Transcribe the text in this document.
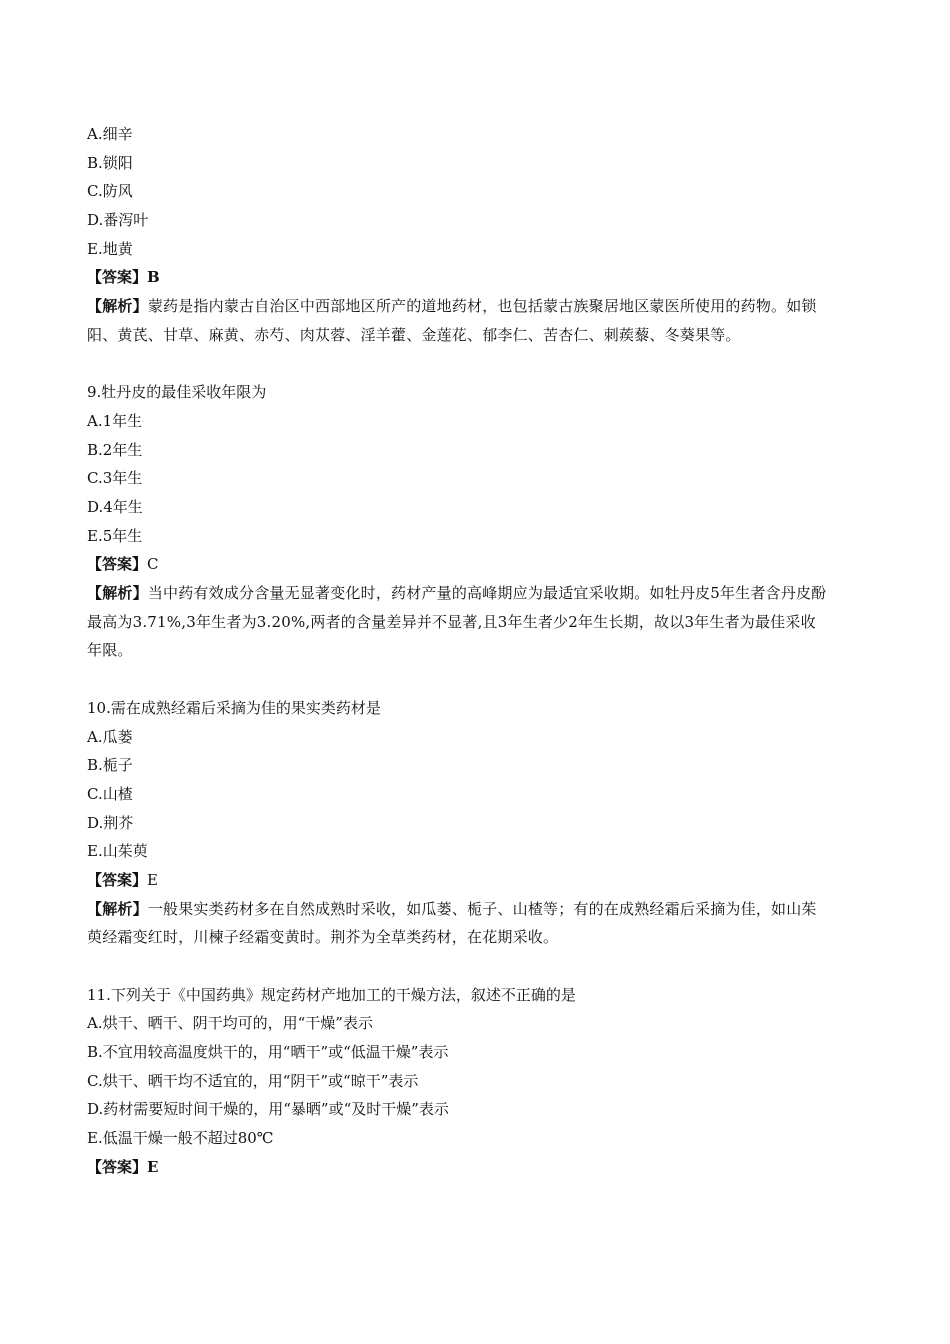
A.细辛

B.锁阳

C.防风

D.番泻叶

E.地黄

【答案】B

【解析】蒙药是指内蒙古自治区中西部地区所产的道地药材，也包括蒙古族聚居地区蒙医所使用的药物。如锁阳、黄芪、甘草、麻黄、赤芍、肉苁蓉、淫羊藿、金莲花、郁李仁、苦杏仁、刺蒺藜、冬葵果等。

9.牡丹皮的最佳采收年限为

A.1年生

B.2年生

C.3年生

D.4年生

E.5年生

【答案】C

【解析】当中药有效成分含量无显著变化时，药材产量的高峰期应为最适宜采收期。如牡丹皮5年生者含丹皮酚最高为3.71%,3年生者为3.20%,两者的含量差异并不显著,且3年生者少2年生长期，故以3年生者为最佳采收年限。

10.需在成熟经霜后采摘为佳的果实类药材是

A.瓜蒌

B.栀子

C.山楂

D.荆芥

E.山茱萸

【答案】E

【解析】一般果实类药材多在自然成熟时采收，如瓜蒌、栀子、山楂等；有的在成熟经霜后采摘为佳，如山茱萸经霜变红时，川楝子经霜变黄时。荆芥为全草类药材，在花期采收。

11.下列关于《中国药典》规定药材产地加工的干燥方法，叙述不正确的是

A.烘干、晒干、阴干均可的，用“干燥”表示

B.不宜用较高温度烘干的，用“晒干”或“低温干燥”表示

C.烘干、晒干均不适宜的，用“阴干”或“晾干”表示

D.药材需要短时间干燥的，用“暴晒”或“及时干燥”表示

E.低温干燥一般不超过80℃

【答案】E
